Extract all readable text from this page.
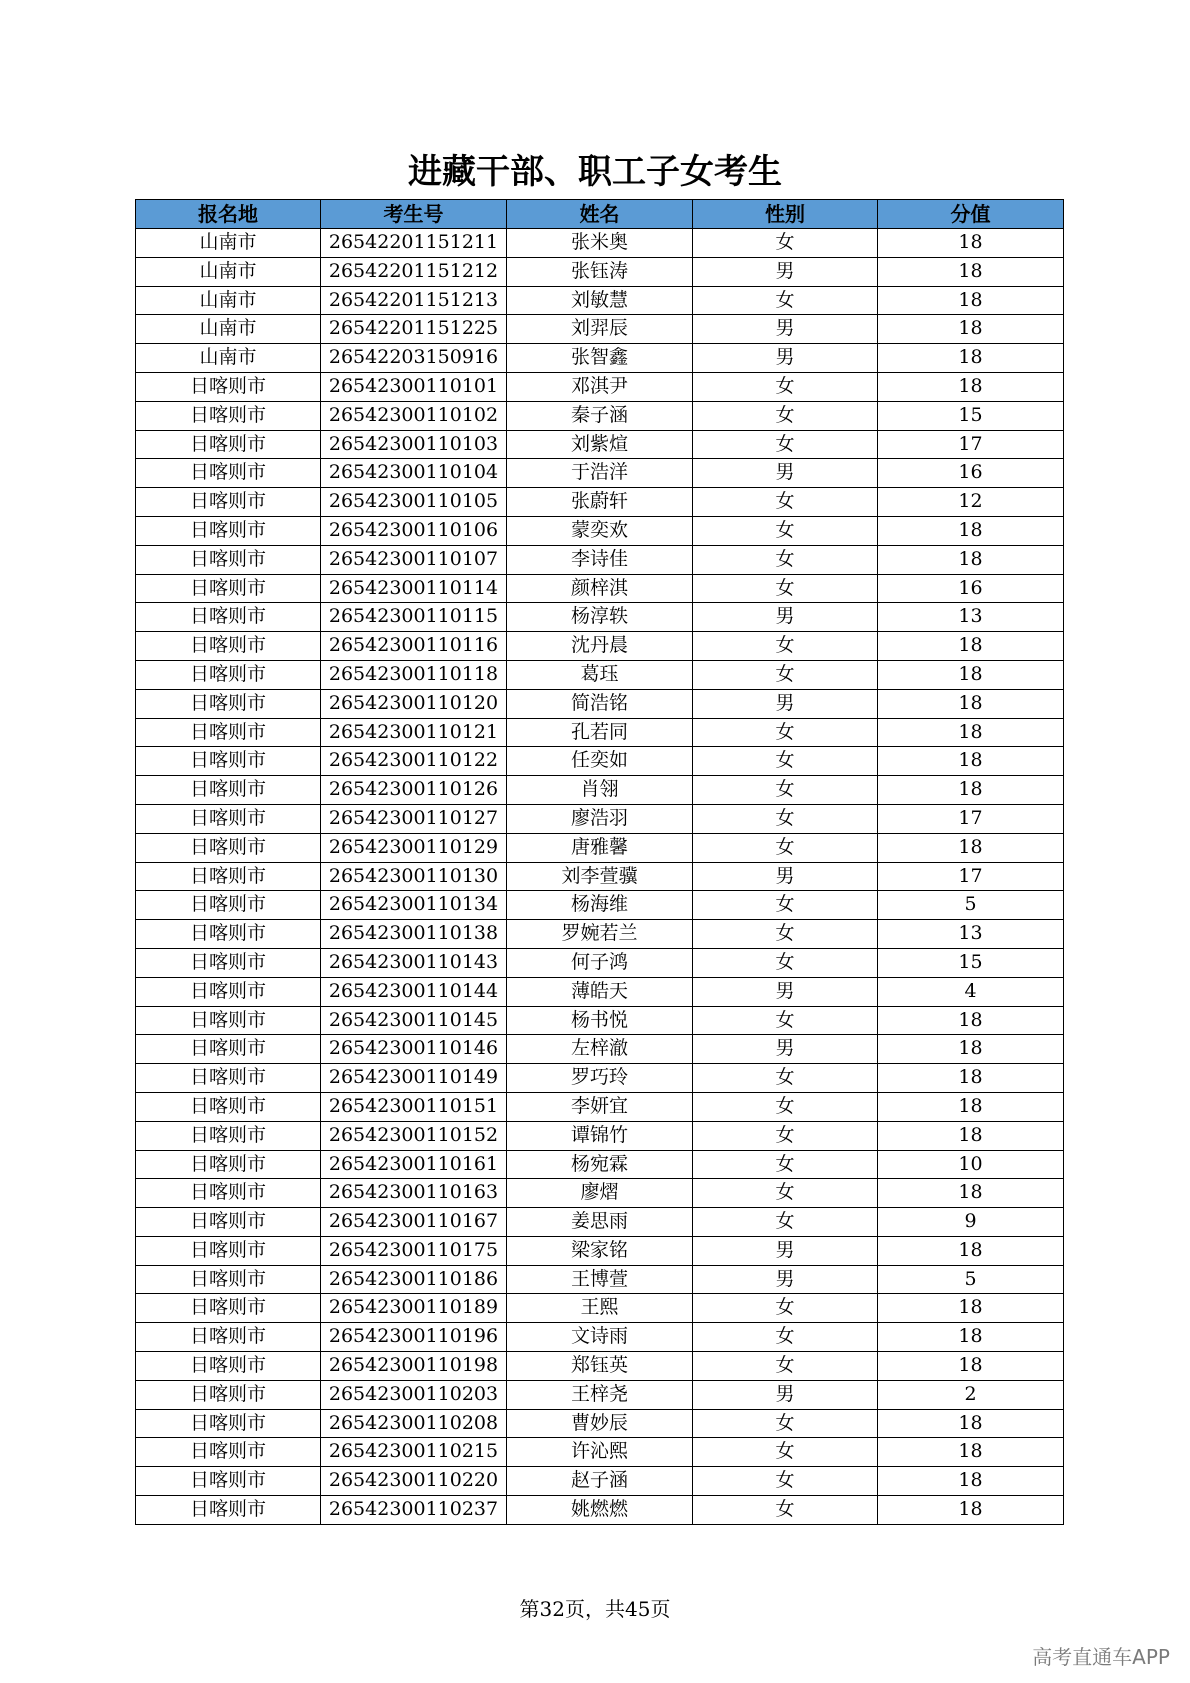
进藏干部、职工子女考生
报名地	考生号	姓名	性别	分值
山南市	26542201151211	张米奥	女	18
山南市	26542201151212	张钰涛	男	18
山南市	26542201151213	刘敏慧	女	18
山南市	26542201151225	刘羿辰	男	18
山南市	26542203150916	张智鑫	男	18
日喀则市	26542300110101	邓淇尹	女	18
日喀则市	26542300110102	秦子涵	女	15
日喀则市	26542300110103	刘紫煊	女	17
日喀则市	26542300110104	于浩洋	男	16
日喀则市	26542300110105	张蔚轩	女	12
日喀则市	26542300110106	蒙奕欢	女	18
日喀则市	26542300110107	李诗佳	女	18
日喀则市	26542300110114	颜梓淇	女	16
日喀则市	26542300110115	杨淳轶	男	13
日喀则市	26542300110116	沈丹晨	女	18
日喀则市	26542300110118	葛珏	女	18
日喀则市	26542300110120	简浩铭	男	18
日喀则市	26542300110121	孔若同	女	18
日喀则市	26542300110122	任奕如	女	18
日喀则市	26542300110126	肖翎	女	18
日喀则市	26542300110127	廖浩羽	女	17
日喀则市	26542300110129	唐雅馨	女	18
日喀则市	26542300110130	刘李萱骥	男	17
日喀则市	26542300110134	杨海维	女	5
日喀则市	26542300110138	罗婉若兰	女	13
日喀则市	26542300110143	何子鸿	女	15
日喀则市	26542300110144	薄皓天	男	4
日喀则市	26542300110145	杨书悦	女	18
日喀则市	26542300110146	左梓澈	男	18
日喀则市	26542300110149	罗巧玲	女	18
日喀则市	26542300110151	李妍宜	女	18
日喀则市	26542300110152	谭锦竹	女	18
日喀则市	26542300110161	杨宛霖	女	10
日喀则市	26542300110163	廖熠	女	18
日喀则市	26542300110167	姜思雨	女	9
日喀则市	26542300110175	梁家铭	男	18
日喀则市	26542300110186	王博萱	男	5
日喀则市	26542300110189	王熙	女	18
日喀则市	26542300110196	文诗雨	女	18
日喀则市	26542300110198	郑钰英	女	18
日喀则市	26542300110203	王梓尧	男	2
日喀则市	26542300110208	曹妙辰	女	18
日喀则市	26542300110215	许沁熙	女	18
日喀则市	26542300110220	赵子涵	女	18
日喀则市	26542300110237	姚燃燃	女	18
第32页，共45页
高考直通车APP
